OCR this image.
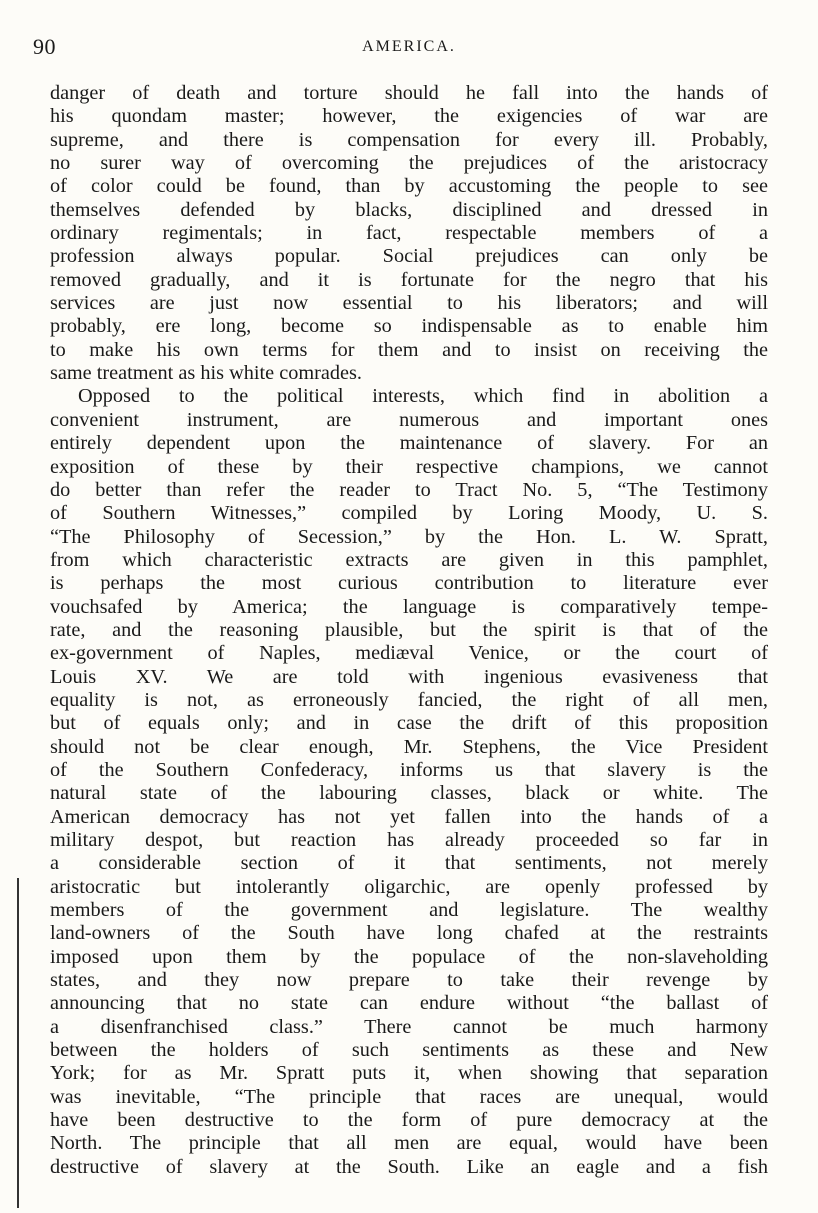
90	AMERICA.
danger of death and torture should he fall into the hands of
his quondam master; however, the exigencies of war are
supreme, and there is compensation for every ill. Probably,
no surer way of overcoming the prejudices of the aristocracy
of color could be found, than by accustoming the people to see
themselves defended by blacks, disciplined and dressed in
ordinary regimentals; in fact, respectable members of a
profession always popular. Social prejudices can only be
removed gradually, and it is fortunate for the negro that his
services are just now essential to his liberators; and will
probably, ere long, become so indispensable as to enable him
to make his own terms for them and to insist on receiving the
same treatment as his white comrades.
Opposed to the political interests, which find in abolition a
convenient instrument, are numerous and important ones
entirely dependent upon the maintenance of slavery. For an
exposition of these by their respective champions, we cannot
do better than refer the reader to Tract No. 5, “The Testimony
of Southern Witnesses,” compiled by Loring Moody, U. S.
“The Philosophy of Secession,” by the Hon. L. W. Spratt,
from which characteristic extracts are given in this pamphlet,
is perhaps the most curious contribution to literature ever
vouchsafed by America; the language is comparatively tempe-
rate, and the reasoning plausible, but the spirit is that of the
ex-government of Naples, mediæval Venice, or the court of
Louis XV. We are told with ingenious evasiveness that
equality is not, as erroneously fancied, the right of all men,
but of equals only; and in case the drift of this proposition
should not be clear enough, Mr. Stephens, the Vice President
of the Southern Confederacy, informs us that slavery is the
natural state of the labouring classes, black or white. The
American democracy has not yet fallen into the hands of a
military despot, but reaction has already proceeded so far in
a considerable section of it that sentiments, not merely
aristocratic but intolerantly oligarchic, are openly professed by
members of the government and legislature. The wealthy
land-owners of the South have long chafed at the restraints
imposed upon them by the populace of the non-slaveholding
states, and they now prepare to take their revenge by
announcing that no state can endure without “the ballast of
a disenfranchised class.” There cannot be much harmony
between the holders of such sentiments as these and New
York; for as Mr. Spratt puts it, when showing that separation
was inevitable, “The principle that races are unequal, would
have been destructive to the form of pure democracy at the
North. The principle that all men are equal, would have been
destructive of slavery at the South. Like an eagle and a fish
